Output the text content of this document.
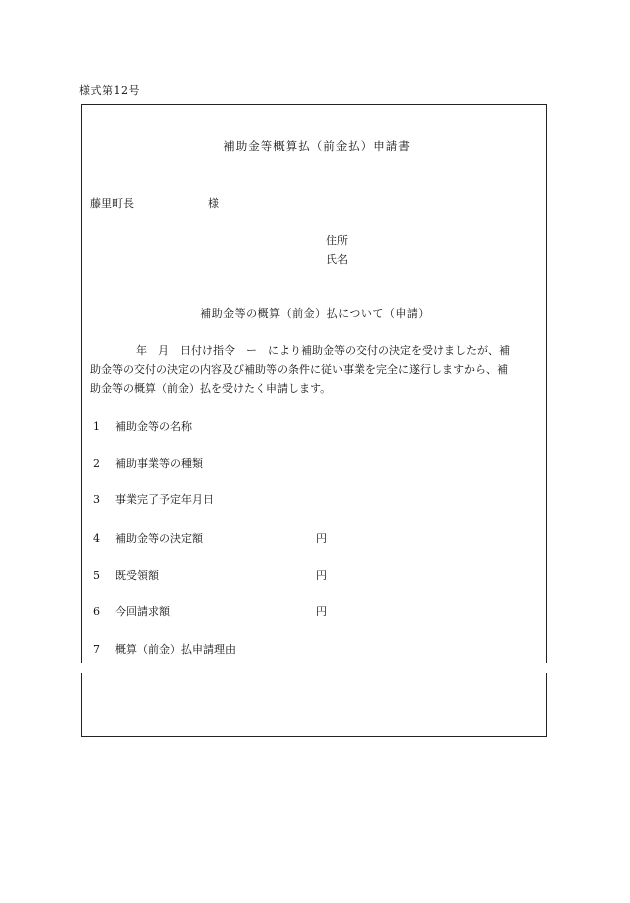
様式第12号
補助金等概算払（前金払）申請書
藤里町長	様
住所
氏名
補助金等の概算（前金）払について（申請）
年　月　日付け指令　ー　により補助金等の交付の決定を受けましたが、補
助金等の交付の決定の内容及び補助等の条件に従い事業を完全に遂行しますから、補
助金等の概算（前金）払を受けたく申請します。
1 補助金等の名称
2 補助事業等の種類
3 事業完了予定年月日
4 補助金等の決定額	円
5 既受領額	円
6 今回請求額	円
7 概算（前金）払申請理由
